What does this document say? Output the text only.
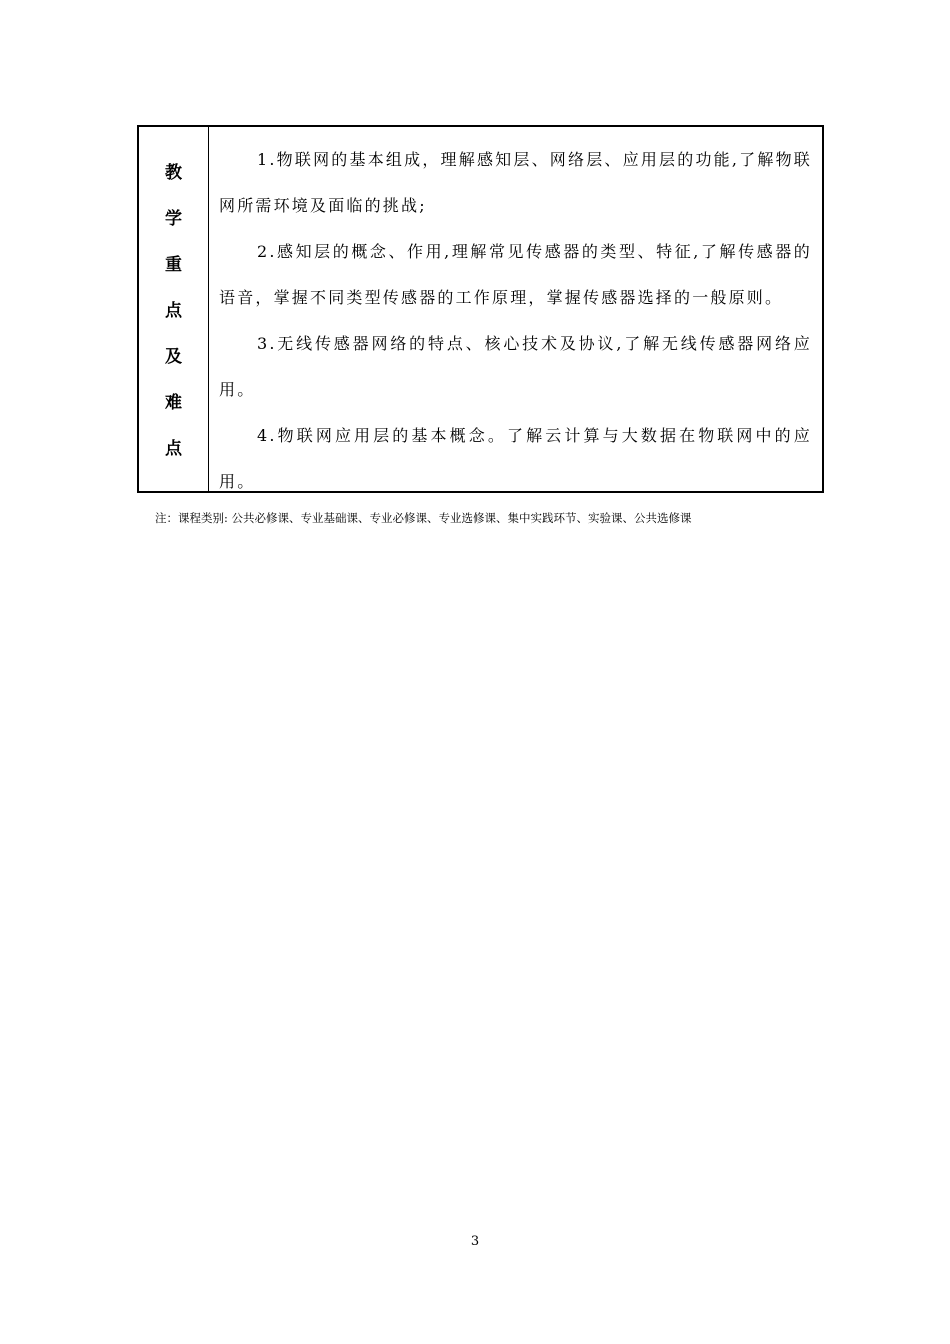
教
学
重
点
及
难
点

1.物联网的基本组成，理解感知层、网络层、应用层的功能,了解物联网所需环境及面临的挑战;

2.感知层的概念、作用,理解常见传感器的类型、特征,了解传感器的语音，掌握不同类型传感器的工作原理，掌握传感器选择的一般原则。

3.无线传感器网络的特点、核心技术及协议,了解无线传感器网络应用。

4.物联网应用层的基本概念。了解云计算与大数据在物联网中的应用。

注：课程类别: 公共必修课、专业基础课、专业必修课、专业选修课、集中实践环节、实验课、公共选修课
3
